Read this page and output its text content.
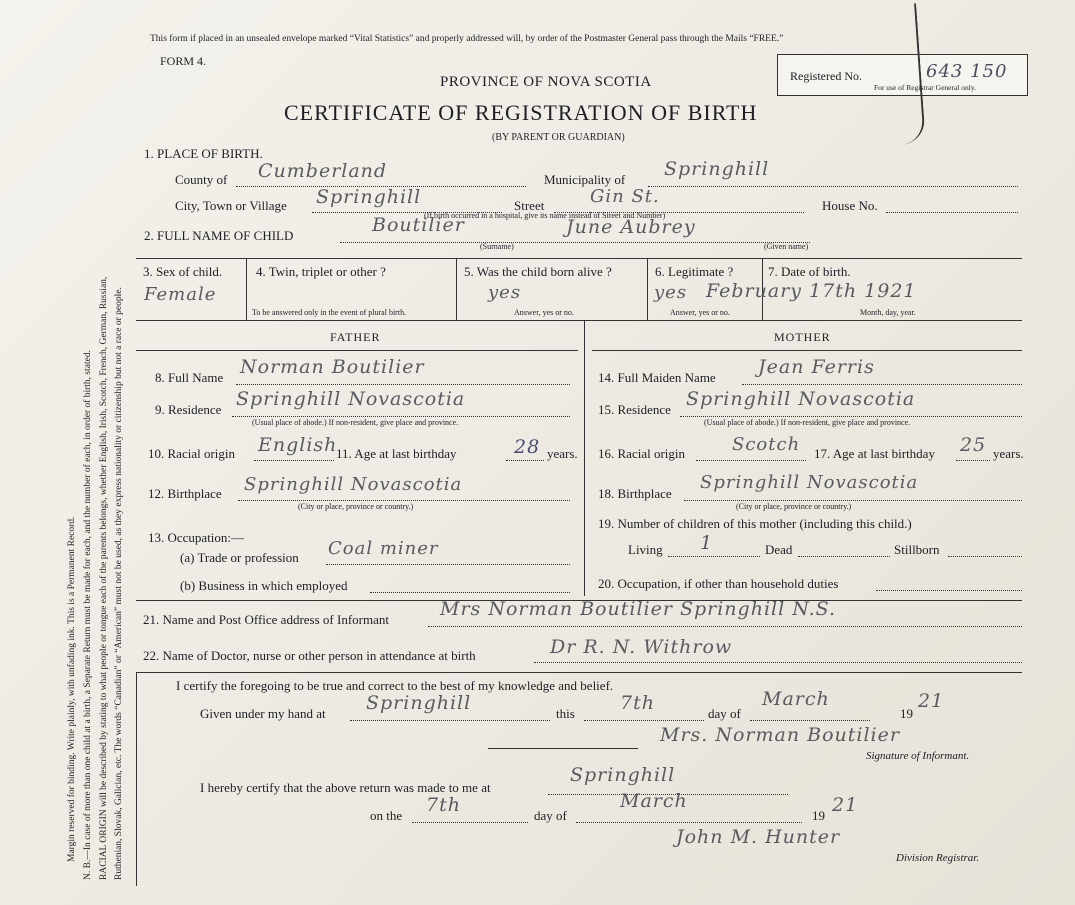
Margin reserved for binding. Write plainly, with unfading ink. This is a Permanent Record. N. B.—In case of more than one child at a birth, a Separate Return must be made for each, and the number of each, in order of birth, stated. RACIAL ORIGIN will be described by stating to what people or tongue each of the parents belongs, whether English, Irish, Scotch, French, German, Russian, Ruthenian, Slovak, Galician, etc. The words “Canadian” or “American” must not be used, as they express nationality or citizenship but not a race or people.
This form if placed in an unsealed envelope marked “Vital Statistics” and properly addressed will, by order of the Postmaster General pass through the Mails “FREE.”
FORM 4.
Registered No.	643 150
For use of Registrar General only.
PROVINCE OF NOVA SCOTIA
CERTIFICATE OF REGISTRATION OF BIRTH
(BY PARENT OR GUARDIAN)
1. PLACE OF BIRTH.
County of Cumberland	Municipality of Springhill
City, Town or Village Springhill	Street	Gin St.	House No.
(If birth occurred in a hospital, give its name instead of Street and Number)
2. FULL NAME OF CHILD	Boutilier	June Aubrey
(Surname)	(Given name)
3. Sex of child.
Female
4. Twin, triplet or other ?
To be answered only in the event of plural birth.
5. Was the child born alive ?
yes
Answer, yes or no.
6. Legitimate ?
yes
Answer, yes or no.
7. Date of birth.
February 17th 1921
Month, day, year.
FATHER	MOTHER
8. Full Name Norman Boutilier
9. Residence Springhill Novascotia
(Usual place of abode.) If non-resident, give place and province.
10. Racial origin English
11. Age at last birthday	28 years.
12. Birthplace Springhill Novascotia
(City or place, province or country.)
13. Occupation:—
(a) Trade or profession Coal miner
(b) Business in which employed
14. Full Maiden Name Jean Ferris
15. Residence Springhill Novascotia
(Usual place of abode.) If non-resident, give place and province.
16. Racial origin	Scotch 17. Age at last birthday 25 years.
18. Birthplace
Springhill Novascotia
(City or place, province or country.)
19. Number of children of this mother (including this child.)
Living 1	Dead	Stillborn
20. Occupation, if other than household duties
21. Name and Post Office address of Informant	Mrs Norman Boutilier Springhill N.S.
22. Name of Doctor, nurse or other person in attendance at birth	Dr R. N. Withrow
I certify the foregoing to be true and correct to the best of my knowledge and belief.
Given under my hand at Springhill	this 7th	day of
March
19
21
Mrs. Norman Boutilier
Signature of Informant.
I hereby certify that the above return was made to me at
Springhill
on the 7th	day of
March
19 21
John M. Hunter
Division Registrar.
